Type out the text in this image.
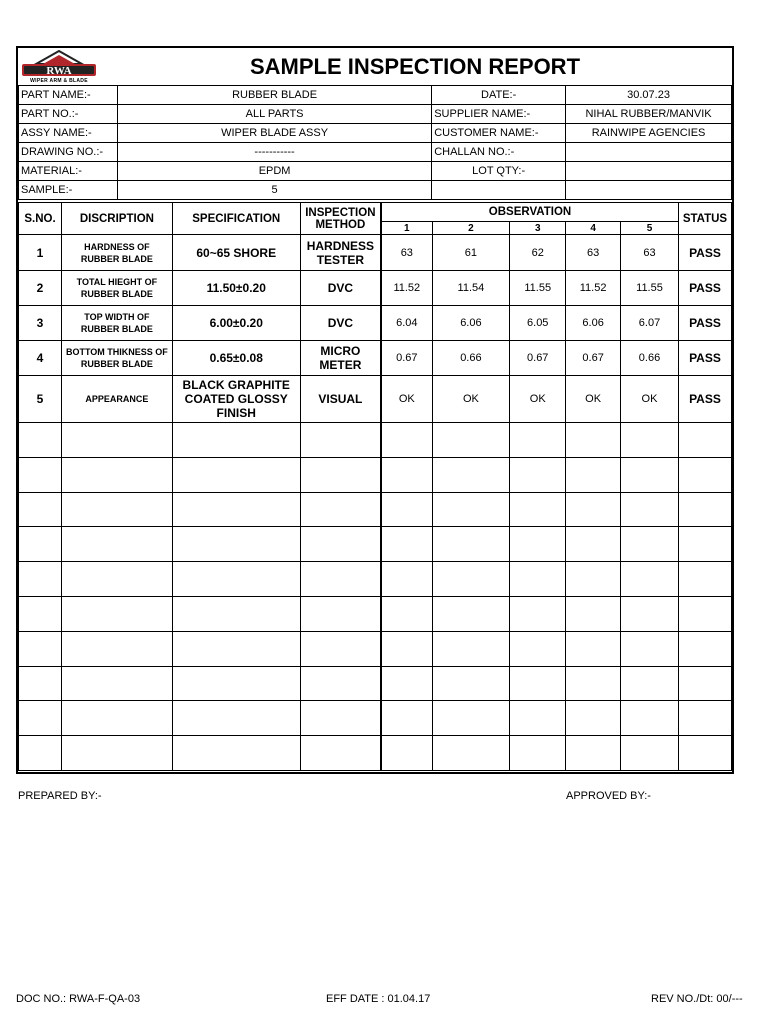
RWA
WIPER ARM & BLADE
SAMPLE INSPECTION REPORT
PART NAME:-	RUBBER BLADE	DATE:-	30.07.23
PART NO.:-	ALL PARTS	SUPPLIER NAME:-	NIHAL RUBBER/MANVIK
ASSY NAME:-	WIPER BLADE ASSY	CUSTOMER NAME:-	RAINWIPE AGENCIES
DRAWING NO.:-	-----------	CHALLAN NO.:-	
MATERIAL:-	EPDM	LOT QTY:-	
SAMPLE:-	5		
S.NO.	DISCRIPTION	SPECIFICATION	INSPECTION METHOD	OBSERVATION					STATUS
				1	2	3	4	5	
1	HARDNESS OF RUBBER BLADE	60~65 SHORE	HARDNESS TESTER	63	61	62	63	63	PASS
2	TOTAL HIEGHT OF RUBBER BLADE	11.50±0.20	DVC	11.52	11.54	11.55	11.52	11.55	PASS
3	TOP WIDTH OF RUBBER BLADE	6.00±0.20	DVC	6.04	6.06	6.05	6.06	6.07	PASS
4	BOTTOM THIKNESS OF RUBBER BLADE	0.65±0.08	MICRO METER	0.67	0.66	0.67	0.67	0.66	PASS
5	APPEARANCE	BLACK GRAPHITE COATED GLOSSY FINISH	VISUAL	OK	OK	OK	OK	OK	PASS

PREPARED BY:-	APPROVED BY:-
DOC NO.: RWA-F-QA-03	EFF DATE : 01.04.17	REV NO./Dt: 00/---
